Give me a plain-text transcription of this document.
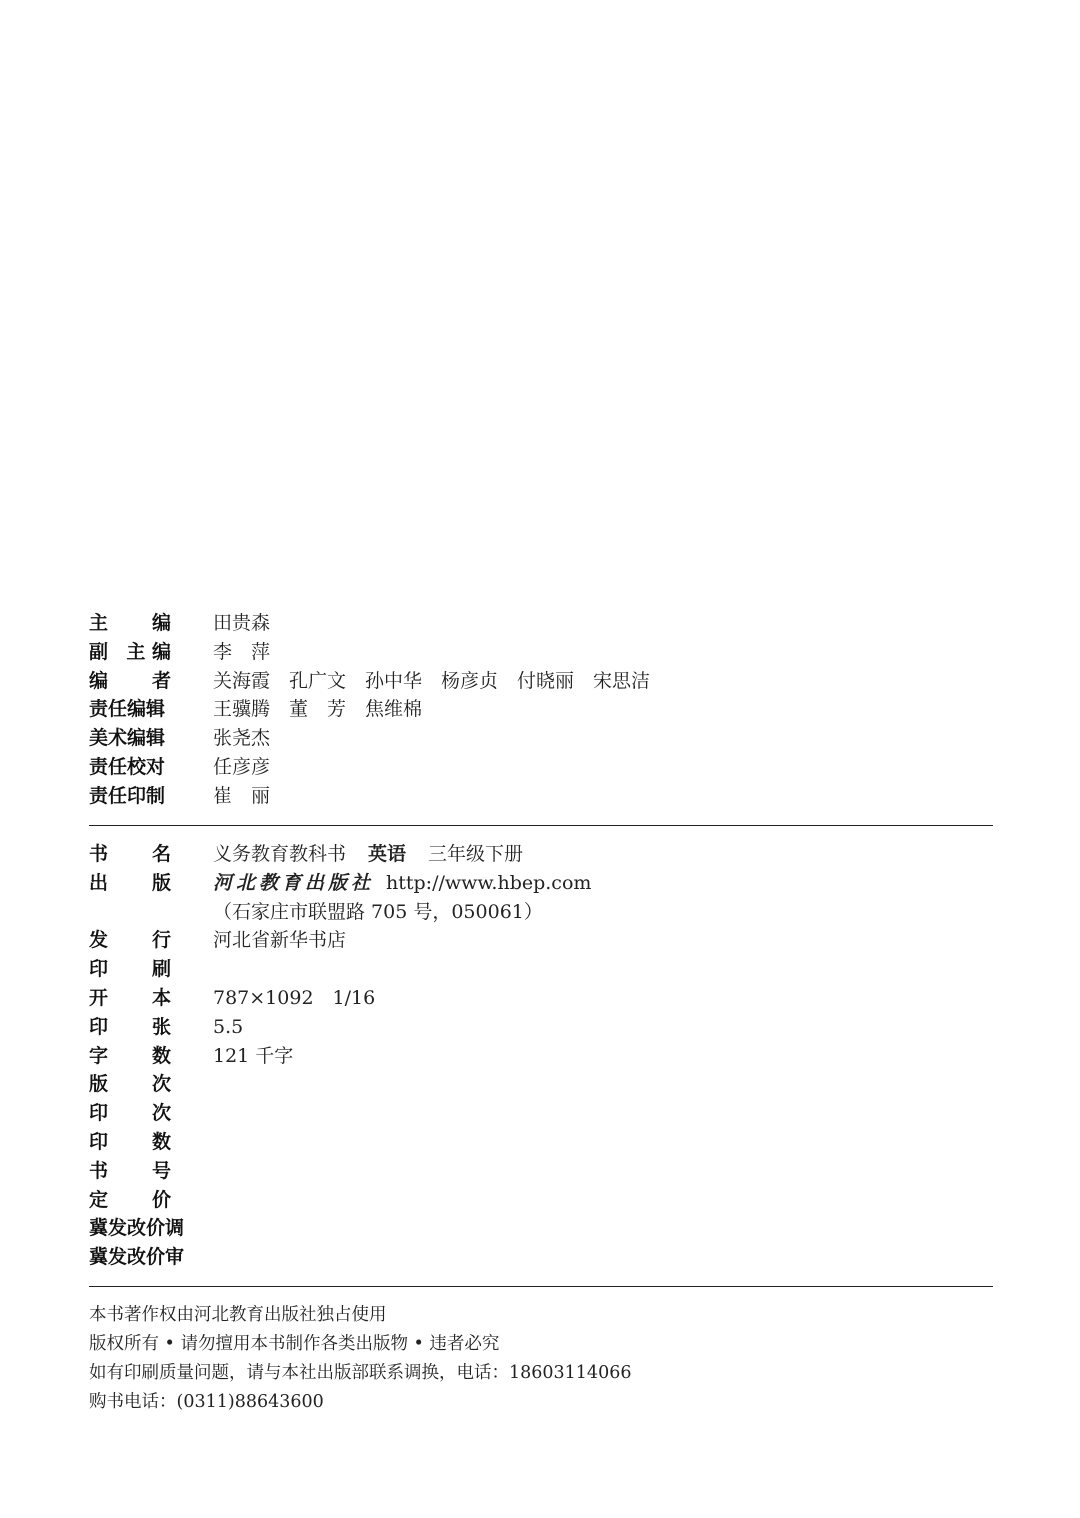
主 编 田贵森
副 主 编	李　萍
编 者 关海霞　孔广文　孙中华　杨彦贞　付晓丽　宋思洁
责任编辑	王骥腾　董　芳　焦维棉
美术编辑	张尧杰
责任校对	任彦彦
责任印制	崔　丽
书 名 义务教育教科书 英语 三年级下册
出 版 河北教育出版社 http://www.hbep.com
（石家庄市联盟路 705 号，050061）
发 行 河北省新华书店
印 刷
开 本 787×1092　1/16
印 张 5.5
字 数 121 千字
版 次
印 次
印 数
书 号
定 价
冀发改价调
冀发改价审
本书著作权由河北教育出版社独占使用
版权所有 • 请勿擅用本书制作各类出版物 • 违者必究
如有印刷质量问题，请与本社出版部联系调换，电话：18603114066
购书电话：(0311)88643600
